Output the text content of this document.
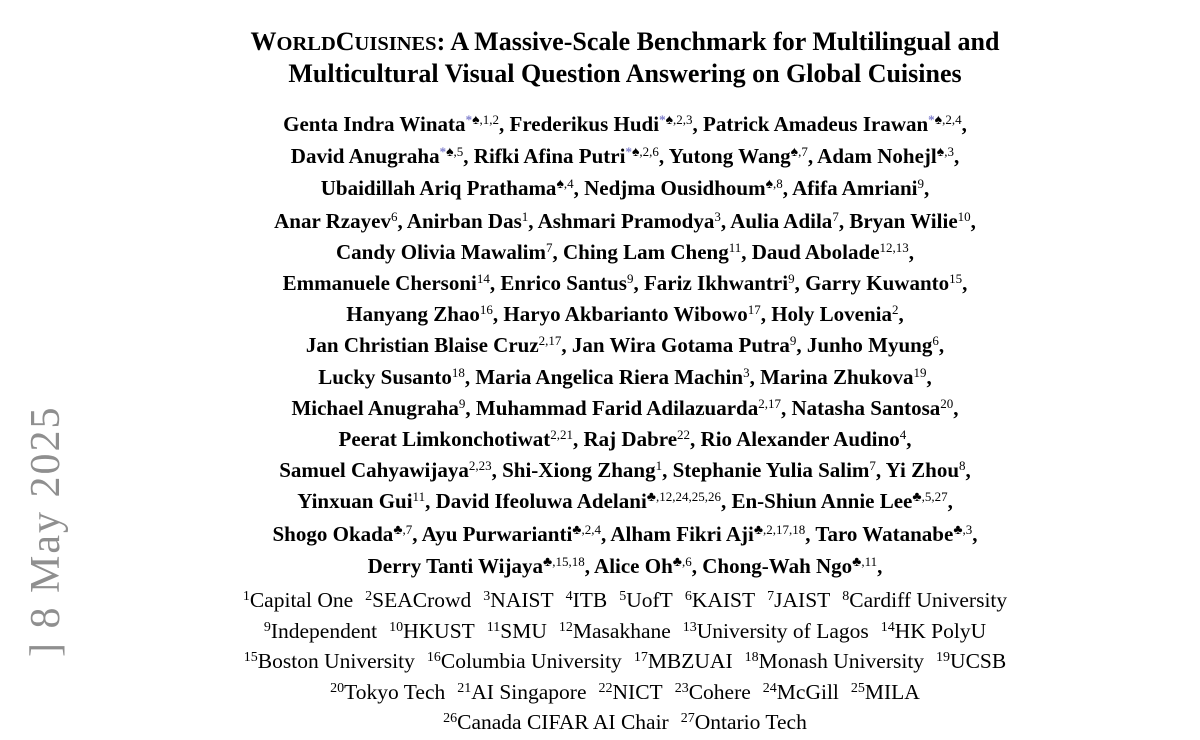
] 8 May 2025
WORLDCUISINES: A Massive-Scale Benchmark for Multilingual and
Multicultural Visual Question Answering on Global Cuisines
Genta Indra Winata$^{*♠,1,2}$, Frederikus Hudi$^{*♠,2,3}$, Patrick Amadeus Irawan$^{*♠,2,4}$,
David Anugraha$^{*♠,5}$, Rifki Afina Putri$^{*♠,2,6}$, Yutong Wang$^{♠,7}$, Adam Nohejl$^{♠,3}$,
Ubaidillah Ariq Prathama$^{♠,4}$, Nedjma Ousidhoum$^{♠,8}$, Afifa Amriani$^9$,
Anar Rzayev$^6$, Anirban Das$^1$, Ashmari Pramodya$^3$, Aulia Adila$^7$, Bryan Wilie$^{10}$,
Candy Olivia Mawalim$^7$, Ching Lam Cheng$^{11}$, Daud Abolade$^{12,13}$,
Emmanuele Chersoni$^{14}$, Enrico Santus$^9$, Fariz Ikhwantri$^9$, Garry Kuwanto$^{15}$,
Hanyang Zhao$^{16}$, Haryo Akbarianto Wibowo$^{17}$, Holy Lovenia$^2$,
Jan Christian Blaise Cruz$^{2,17}$, Jan Wira Gotama Putra$^9$, Junho Myung$^6$,
Lucky Susanto$^{18}$, Maria Angelica Riera Machin$^3$, Marina Zhukova$^{19}$,
Michael Anugraha$^9$, Muhammad Farid Adilazuarda$^{2,17}$, Natasha Santosa$^{20}$,
Peerat Limkonchotiwat$^{2,21}$, Raj Dabre$^{22}$, Rio Alexander Audino$^4$,
Samuel Cahyawijaya$^{2,23}$, Shi-Xiong Zhang$^1$, Stephanie Yulia Salim$^7$, Yi Zhou$^8$,
Yinxuan Gui$^{11}$, David Ifeoluwa Adelani$^{♣,12,24,25,26}$, En-Shiun Annie Lee$^{♣,5,27}$,
Shogo Okada$^{♣,7}$, Ayu Purwarianti$^{♣,2,4}$, Alham Fikri Aji$^{♣,2,17,18}$, Taro Watanabe$^{♣,3}$,
Derry Tanti Wijaya$^{♣,15,18}$, Alice $Oh^{♣,6}$, Chong-Wah Ngo$^{♣,11}$,
$^1$Capital One $^2$SEACrowd $^3$NAIST $^4$ITB $^5$UofT $^6$KAIST $^7$JAIST $^8$Cardiff University
$^9$Independent $^{10}$HKUST $^{11}$SMU $^{12}$Masakhane $^{13}$University of Lagos $^{14}$HK PolyU
$^{15}$Boston University $^{16}$Columbia University $^{17}$MBZUAI $^{18}$Monash University $^{19}$UCSB
$^{20}$Tokyo Tech $^{21}$AI Singapore $^{22}$NICT $^{23}$Cohere $^{24}$McGill $^{25}$MILA
$^{26}$Canada CIFAR AI Chair $^{27}$Ontario Tech
